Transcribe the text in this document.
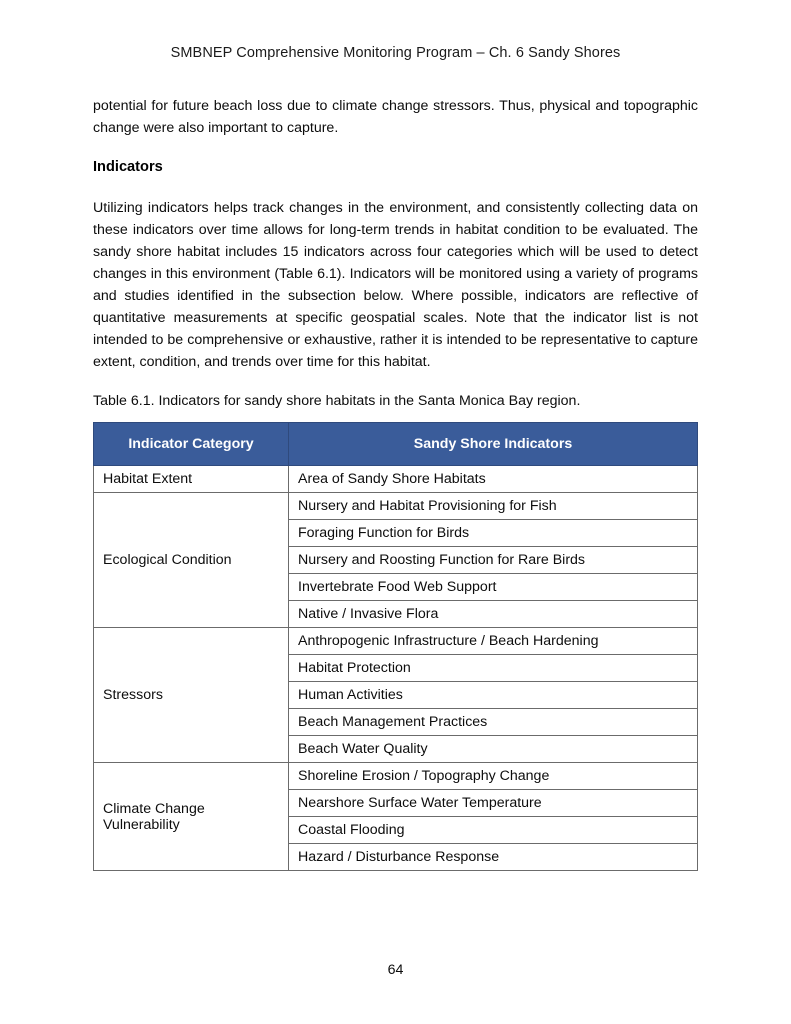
SMBNEP Comprehensive Monitoring Program – Ch. 6 Sandy Shores

potential for future beach loss due to climate change stressors. Thus, physical and topographic change were also important to capture.

Indicators

Utilizing indicators helps track changes in the environment, and consistently collecting data on these indicators over time allows for long-term trends in habitat condition to be evaluated. The sandy shore habitat includes 15 indicators across four categories which will be used to detect changes in this environment (Table 6.1). Indicators will be monitored using a variety of programs and studies identified in the subsection below. Where possible, indicators are reflective of quantitative measurements at specific geospatial scales. Note that the indicator list is not intended to be comprehensive or exhaustive, rather it is intended to be representative to capture extent, condition, and trends over time for this habitat.

Table 6.1. Indicators for sandy shore habitats in the Santa Monica Bay region.

Indicator Category	Sandy Shore Indicators
Habitat Extent	Area of Sandy Shore Habitats
Ecological Condition	Nursery and Habitat Provisioning for Fish
	Foraging Function for Birds
	Nursery and Roosting Function for Rare Birds
	Invertebrate Food Web Support
	Native / Invasive Flora
Stressors	Anthropogenic Infrastructure / Beach Hardening
	Habitat Protection
	Human Activities
	Beach Management Practices
	Beach Water Quality
Climate Change Vulnerability	Shoreline Erosion / Topography Change
	Nearshore Surface Water Temperature
	Coastal Flooding
	Hazard / Disturbance Response
64
